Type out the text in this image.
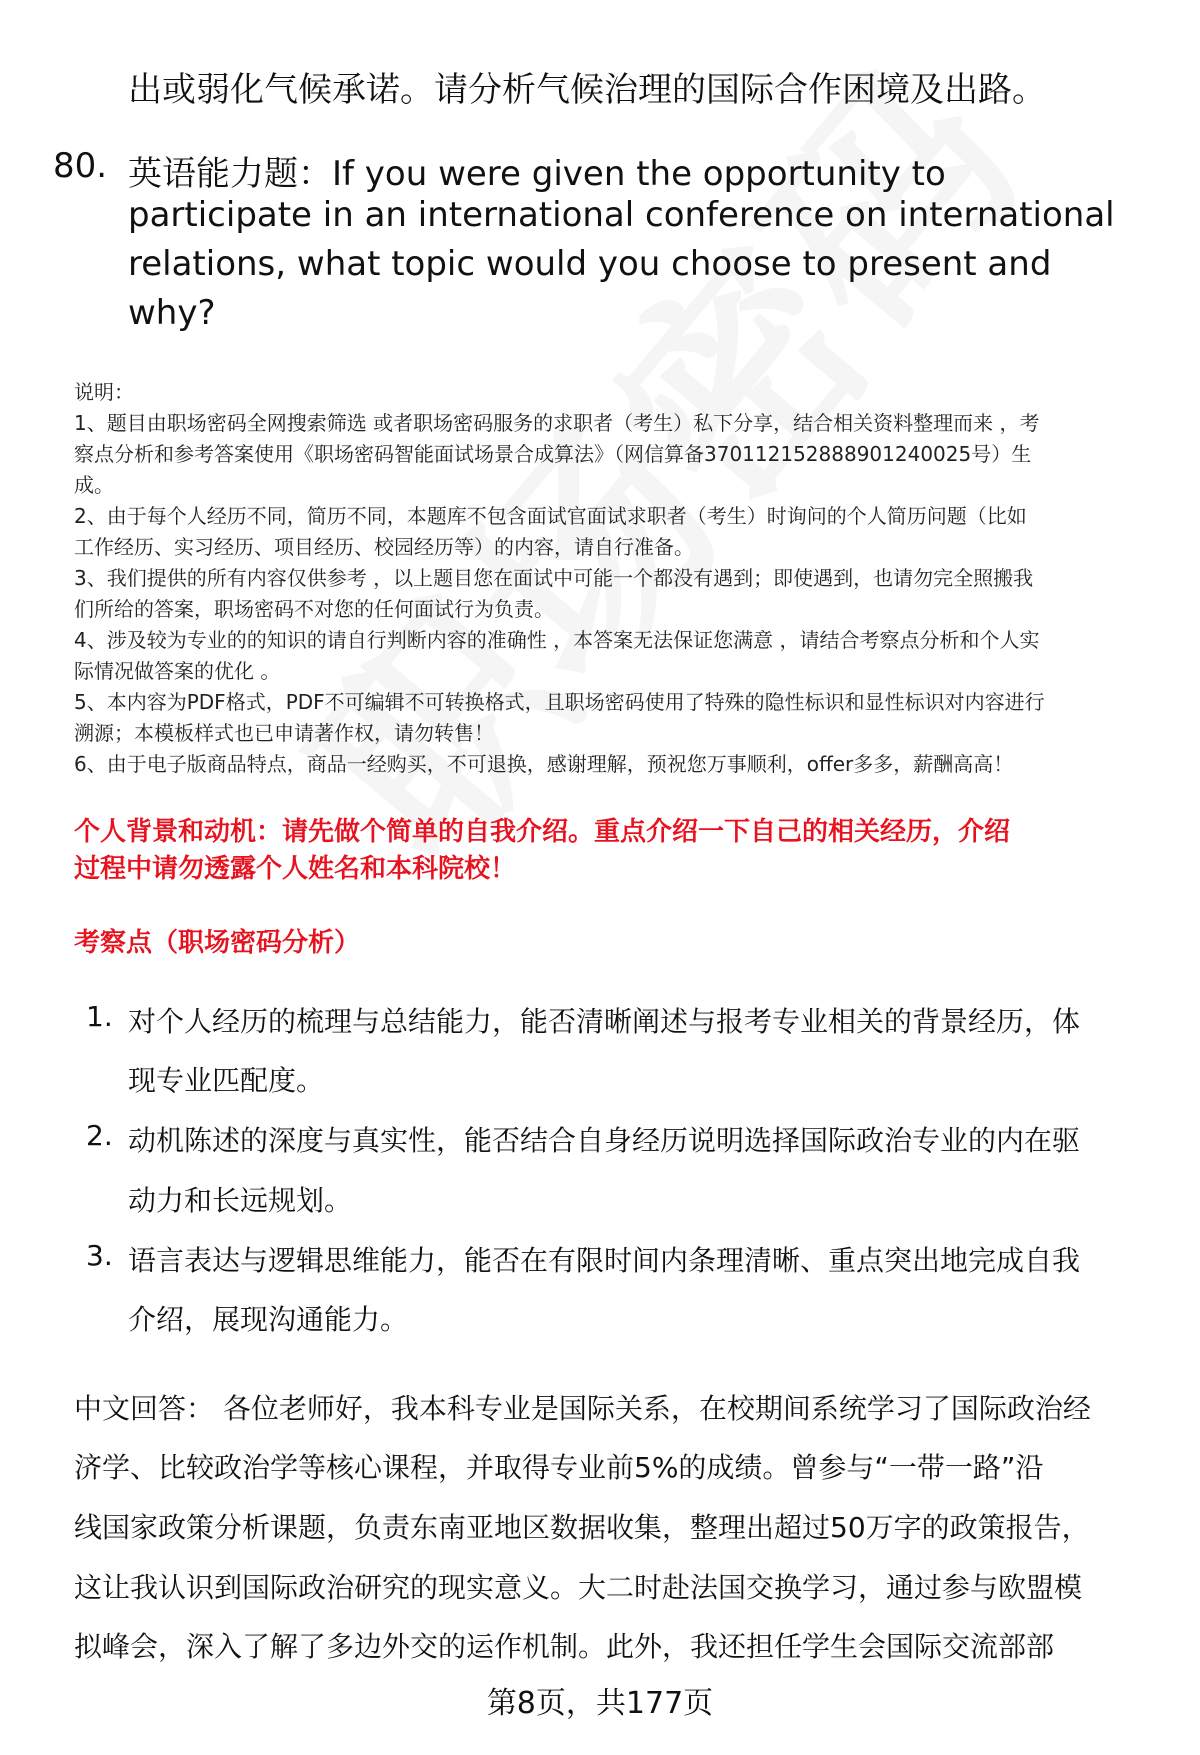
出或弱化气候承诺。请分析气候治理的国际合作困境及出路。
80. 英语能力题：If you were given the opportunity to
participate in an international conference on international
relations, what topic would you choose to present and
why?
说明：
1、题目由职场密码全网搜索筛选 或者职场密码服务的求职者（考生）私下分享，结合相关资料整理而来 ，考
察点分析和参考答案使用《职场密码智能面试场景合成算法》（网信算备370112152888901240025号）生
成。
2、由于每个人经历不同，简历不同，本题库不包含面试官面试求职者（考生）时询问的个人简历问题（比如
工作经历、实习经历、项目经历、校园经历等）的内容，请自行准备。
3、我们提供的所有内容仅供参考 ，以上题目您在面试中可能一个都没有遇到；即使遇到，也请勿完全照搬我
们所给的答案，职场密码不对您的任何面试行为负责。
4、涉及较为专业的的知识的请自行判断内容的准确性 ，本答案无法保证您满意 ，请结合考察点分析和个人实
际情况做答案的优化 。
5、本内容为PDF格式，PDF不可编辑不可转换格式，且职场密码使用了特殊的隐性标识和显性标识对内容进行
溯源；本模板样式也已申请著作权，请勿转售！
6、由于电子版商品特点，商品一经购买，不可退换，感谢理解，预祝您万事顺利，offer多多，薪酬高高！
个人背景和动机：请先做个简单的自我介绍。重点介绍一下自己的相关经历，介绍
过程中请勿透露个人姓名和本科院校！
考察点（职场密码分析）
1. 对个人经历的梳理与总结能力，能否清晰阐述与报考专业相关的背景经历，体
现专业匹配度。
2. 动机陈述的深度与真实性，能否结合自身经历说明选择国际政治专业的内在驱
动力和长远规划。
3. 语言表达与逻辑思维能力，能否在有限时间内条理清晰、重点突出地完成自我
介绍，展现沟通能力。
中文回答： 各位老师好，我本科专业是国际关系，在校期间系统学习了国际政治经
济学、比较政治学等核心课程，并取得专业前5%的成绩。曾参与“一带一路”沿
线国家政策分析课题，负责东南亚地区数据收集，整理出超过50万字的政策报告，
这让我认识到国际政治研究的现实意义。大二时赴法国交换学习，通过参与欧盟模
拟峰会，深入了解了多边外交的运作机制。此外，我还担任学生会国际交流部部
第8页，共177页
